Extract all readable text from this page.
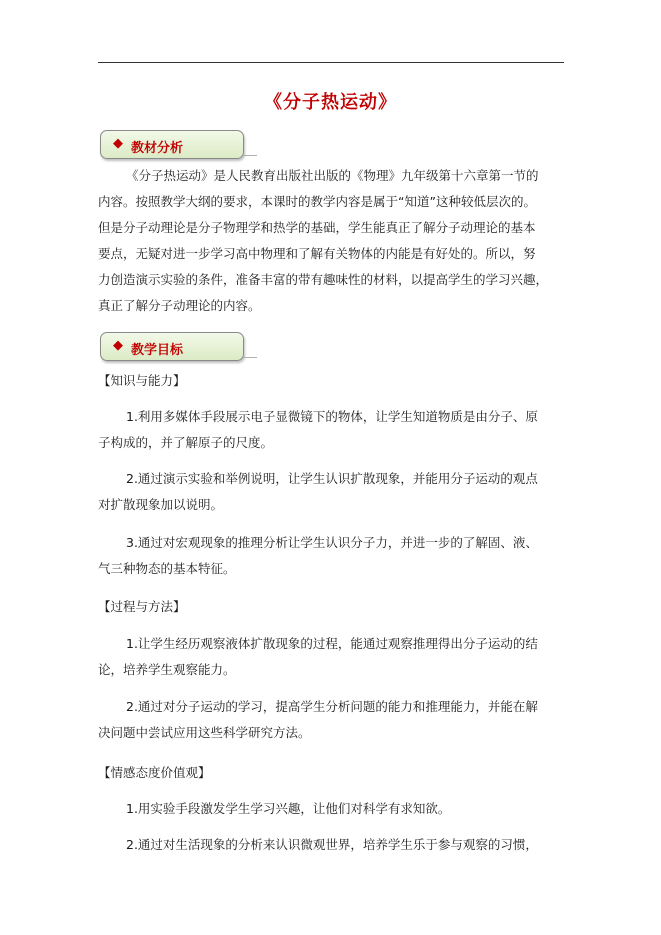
《分子热运动》
◆ 教材分析
《分子热运动》是人民教育出版社出版的《物理》九年级第十六章第一节的
内容。按照教学大纲的要求，本课时的教学内容是属于“知道”这种较低层次的。
但是分子动理论是分子物理学和热学的基础，学生能真正了解分子动理论的基本
要点，无疑对进一步学习高中物理和了解有关物体的内能是有好处的。所以，努
力创造演示实验的条件，准备丰富的带有趣味性的材料，以提高学生的学习兴趣，
真正了解分子动理论的内容。
◆ 教学目标
【知识与能力】
1.利用多媒体手段展示电子显微镜下的物体，让学生知道物质是由分子、原
子构成的，并了解原子的尺度。
2.通过演示实验和举例说明，让学生认识扩散现象，并能用分子运动的观点
对扩散现象加以说明。
3.通过对宏观现象的推理分析让学生认识分子力，并进一步的了解固、液、
气三种物态的基本特征。
【过程与方法】
1.让学生经历观察液体扩散现象的过程，能通过观察推理得出分子运动的结
论，培养学生观察能力。
2.通过对分子运动的学习，提高学生分析问题的能力和推理能力，并能在解
决问题中尝试应用这些科学研究方法。
【情感态度价值观】
1.用实验手段激发学生学习兴趣，让他们对科学有求知欲。
2.通过对生活现象的分析来认识微观世界，培养学生乐于参与观察的习惯，
